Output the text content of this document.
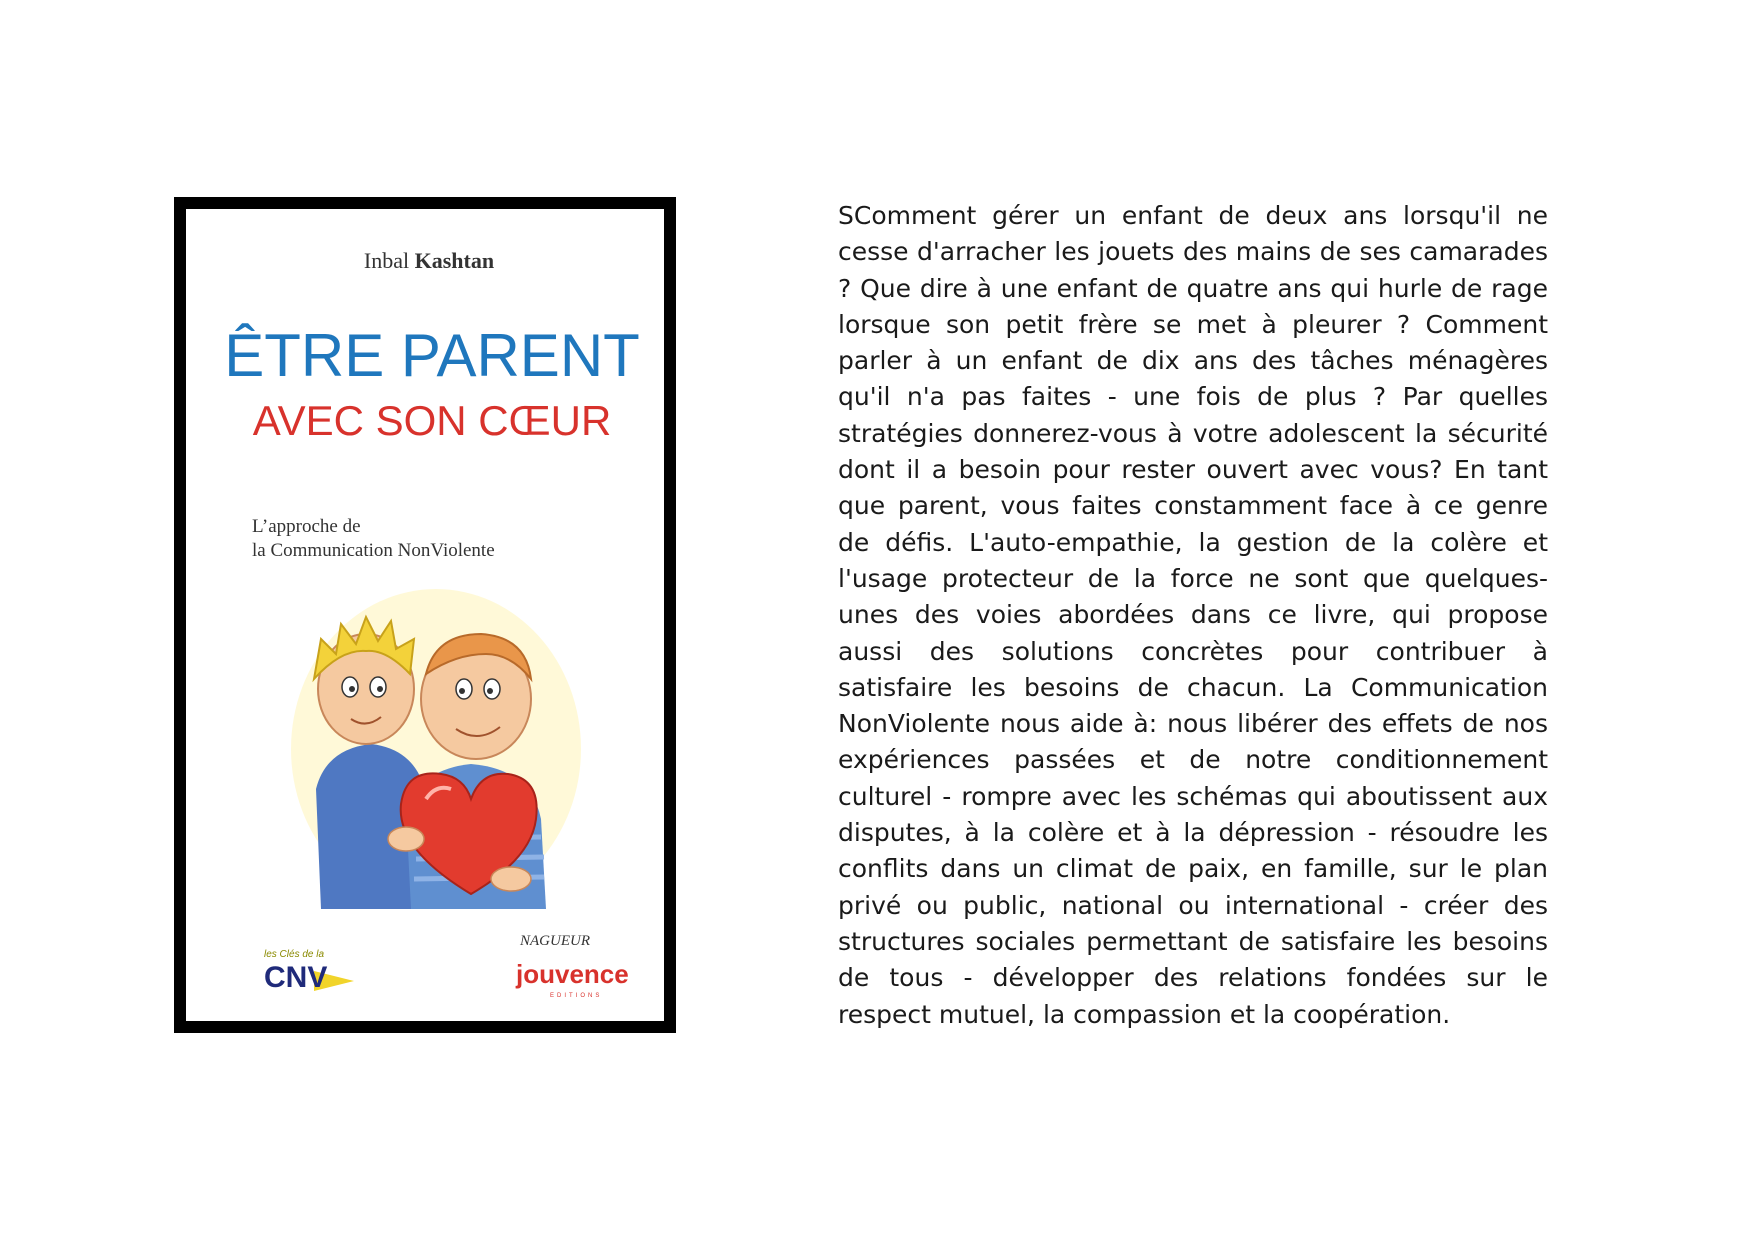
Inbal Kashtan
ÊTRE PARENT
AVEC SON CŒUR
L’approche de
la Communication NonViolente
les Clés de la
CNV
NAGUEUR
jouvence
EDITIONS

SComment gérer un enfant de deux ans lorsqu'il ne cesse d'arracher les jouets des mains de ses camarades ? Que dire à une enfant de quatre ans qui hurle de rage lorsque son petit frère se met à pleurer ? Comment parler à un enfant de dix ans des tâches ménagères qu'il n'a pas faites - une fois de plus ? Par quelles stratégies donnerez-vous à votre adolescent la sécurité dont il a besoin pour rester ouvert avec vous? En tant que parent, vous faites constamment face à ce genre de défis. L'auto-empathie, la gestion de la colère et l'usage protecteur de la force ne sont que quelques-unes des voies abordées dans ce livre, qui propose aussi des solutions concrètes pour contribuer à satisfaire les besoins de chacun. La Communication NonViolente nous aide à: nous libérer des effets de nos expériences passées et de notre conditionnement culturel - rompre avec les schémas qui aboutissent aux disputes, à la colère et à la dépression - résoudre les conflits dans un climat de paix, en famille, sur le plan privé ou public, national ou international - créer des structures sociales permettant de satisfaire les besoins de tous - développer des relations fondées sur le respect mutuel, la compassion et la coopération.
